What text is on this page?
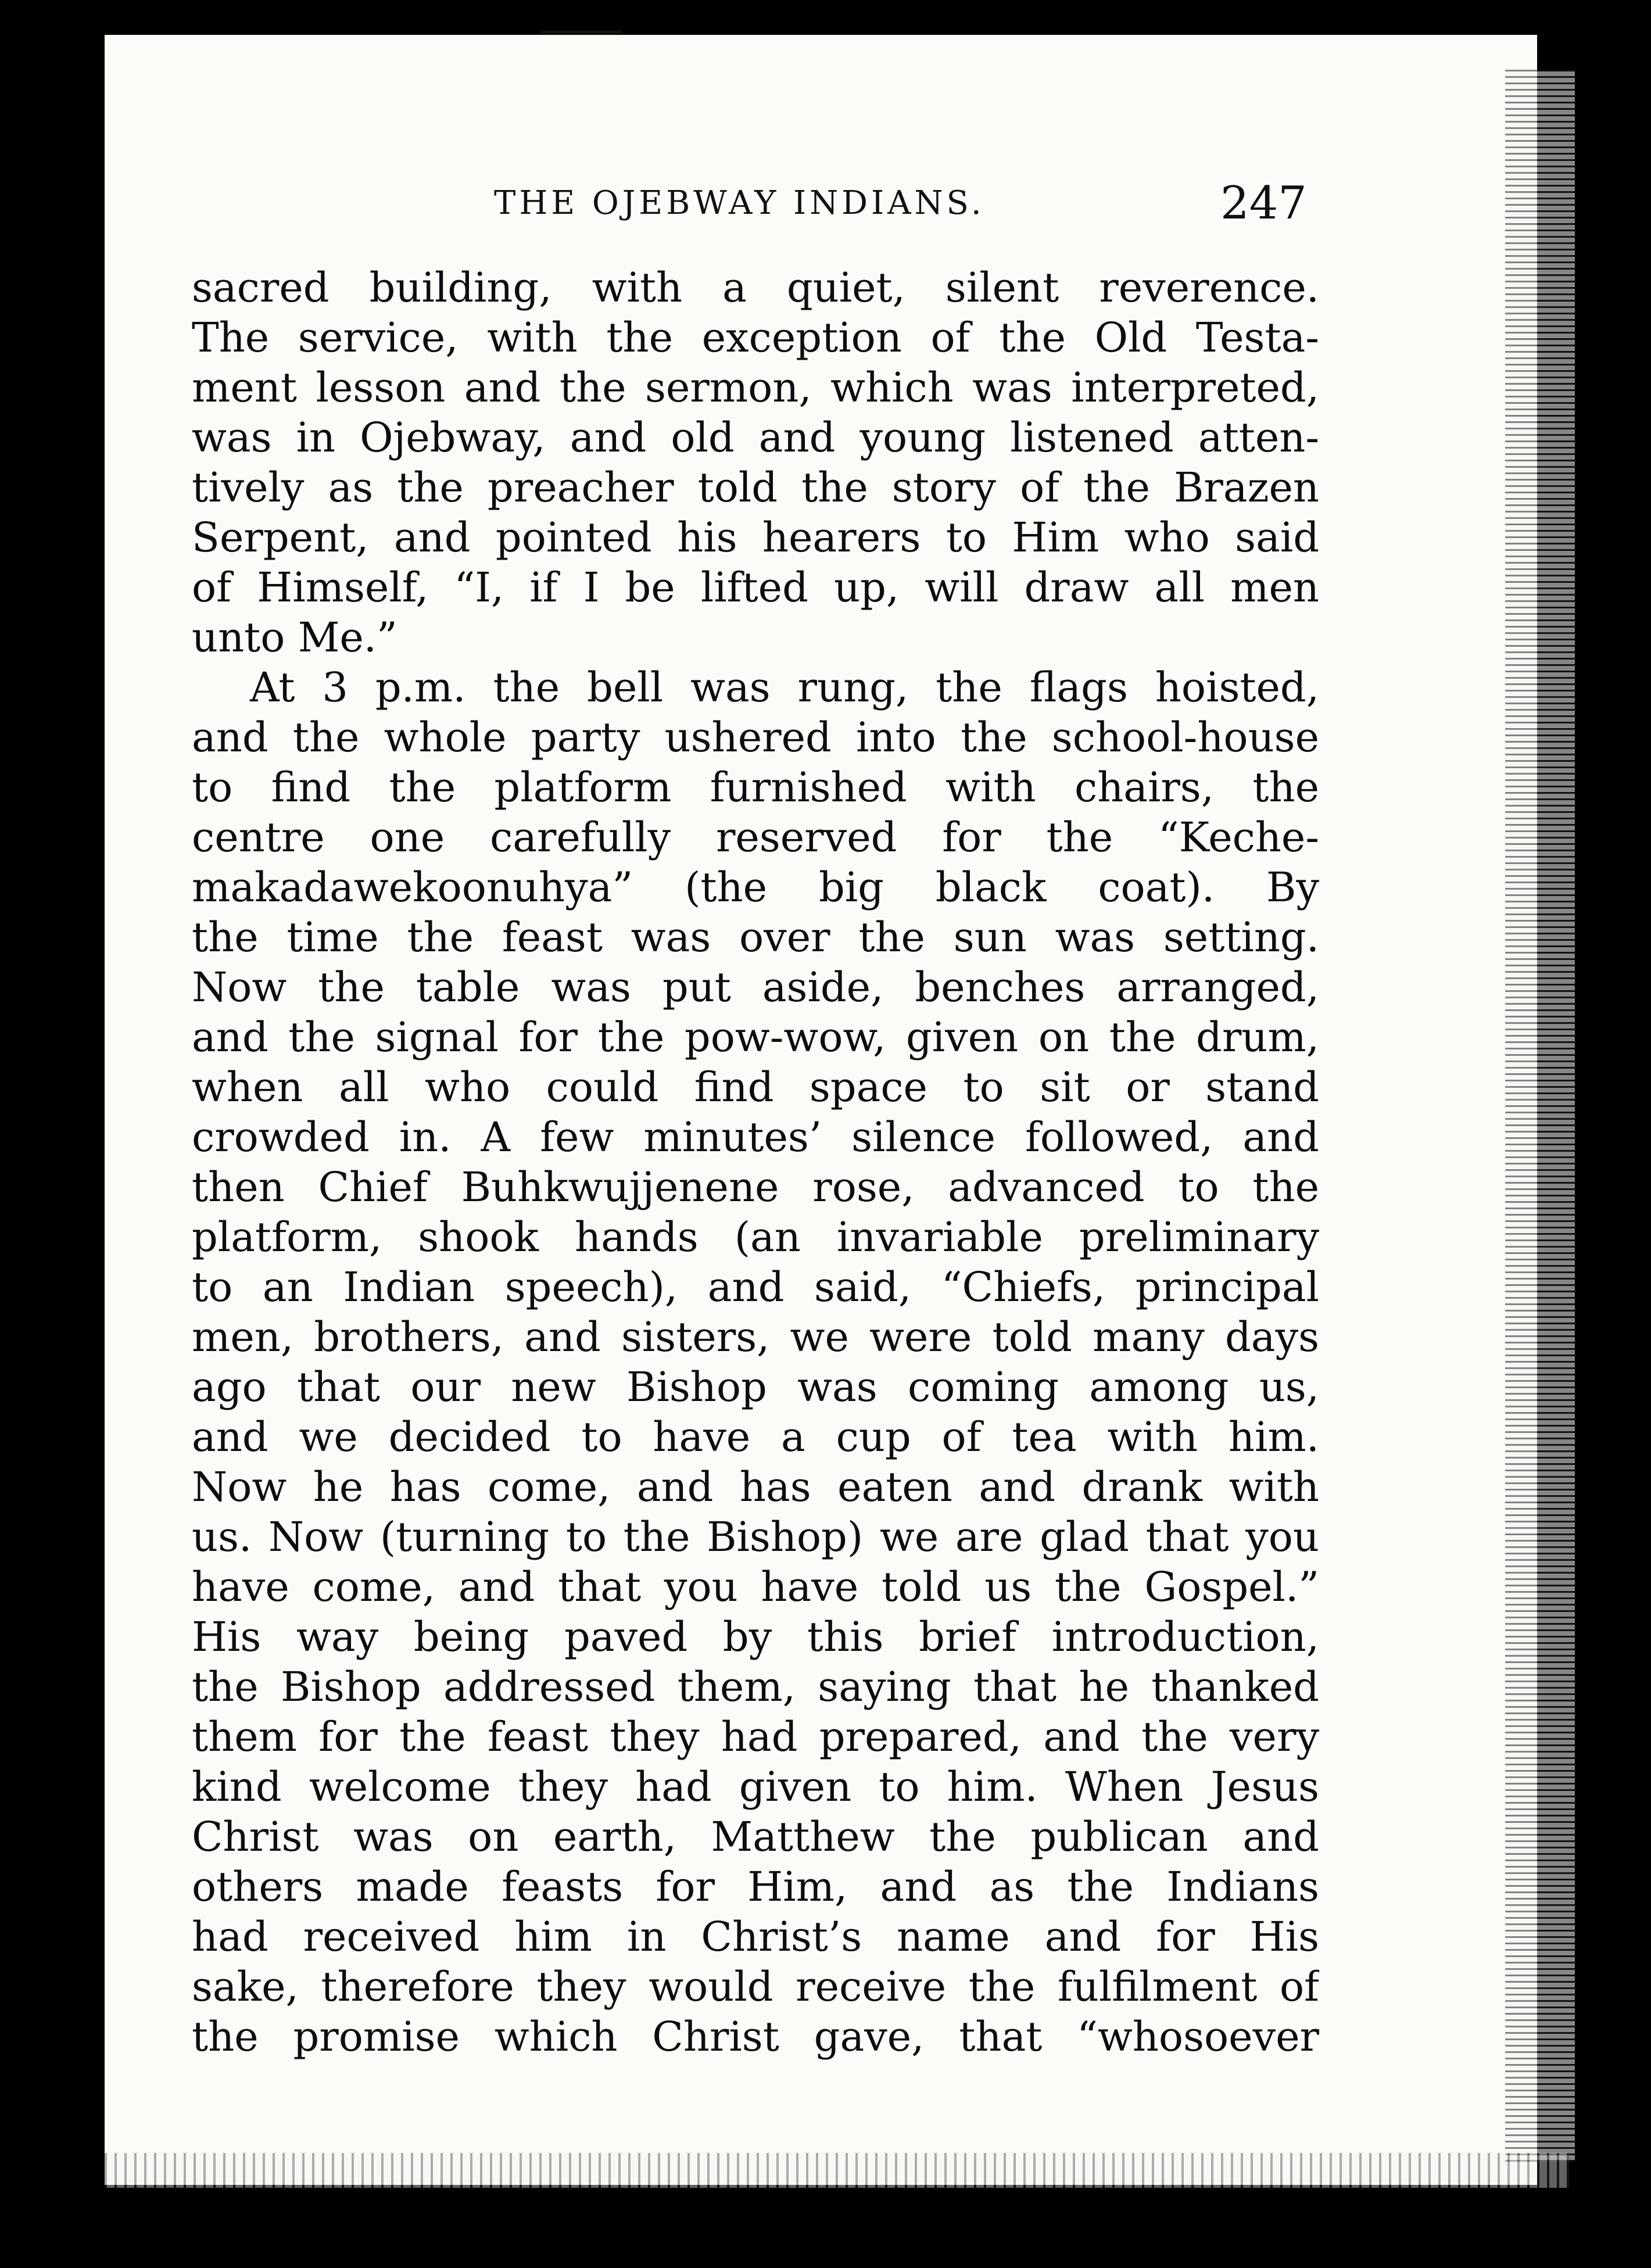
THE OJEBWAY INDIANS.	247
sacred building, with a quiet, silent reverence.
The service, with the exception of the Old Testa-
ment lesson and the sermon, which was interpreted,
was in Ojebway, and old and young listened atten-
tively as the preacher told the story of the Brazen
Serpent, and pointed his hearers to Him who said
of Himself, “I, if I be lifted up, will draw all men
unto Me.”
At 3 p.m. the bell was rung, the flags hoisted,
and the whole party ushered into the school-house
to find the platform furnished with chairs, the
centre one carefully reserved for the “Keche-
makadawekoonuhya” (the big black coat). By
the time the feast was over the sun was setting.
Now the table was put aside, benches arranged,
and the signal for the pow-wow, given on the drum,
when all who could find space to sit or stand
crowded in. A few minutes’ silence followed, and
then Chief Buhkwujjenene rose, advanced to the
platform, shook hands (an invariable preliminary
to an Indian speech), and said, “Chiefs, principal
men, brothers, and sisters, we were told many days
ago that our new Bishop was coming among us,
and we decided to have a cup of tea with him.
Now he has come, and has eaten and drank with
us. Now (turning to the Bishop) we are glad that you
have come, and that you have told us the Gospel.”
His way being paved by this brief introduction,
the Bishop addressed them, saying that he thanked
them for the feast they had prepared, and the very
kind welcome they had given to him. When Jesus
Christ was on earth, Matthew the publican and
others made feasts for Him, and as the Indians
had received him in Christ’s name and for His
sake, therefore they would receive the fulfilment of
the promise which Christ gave, that “whosoever
